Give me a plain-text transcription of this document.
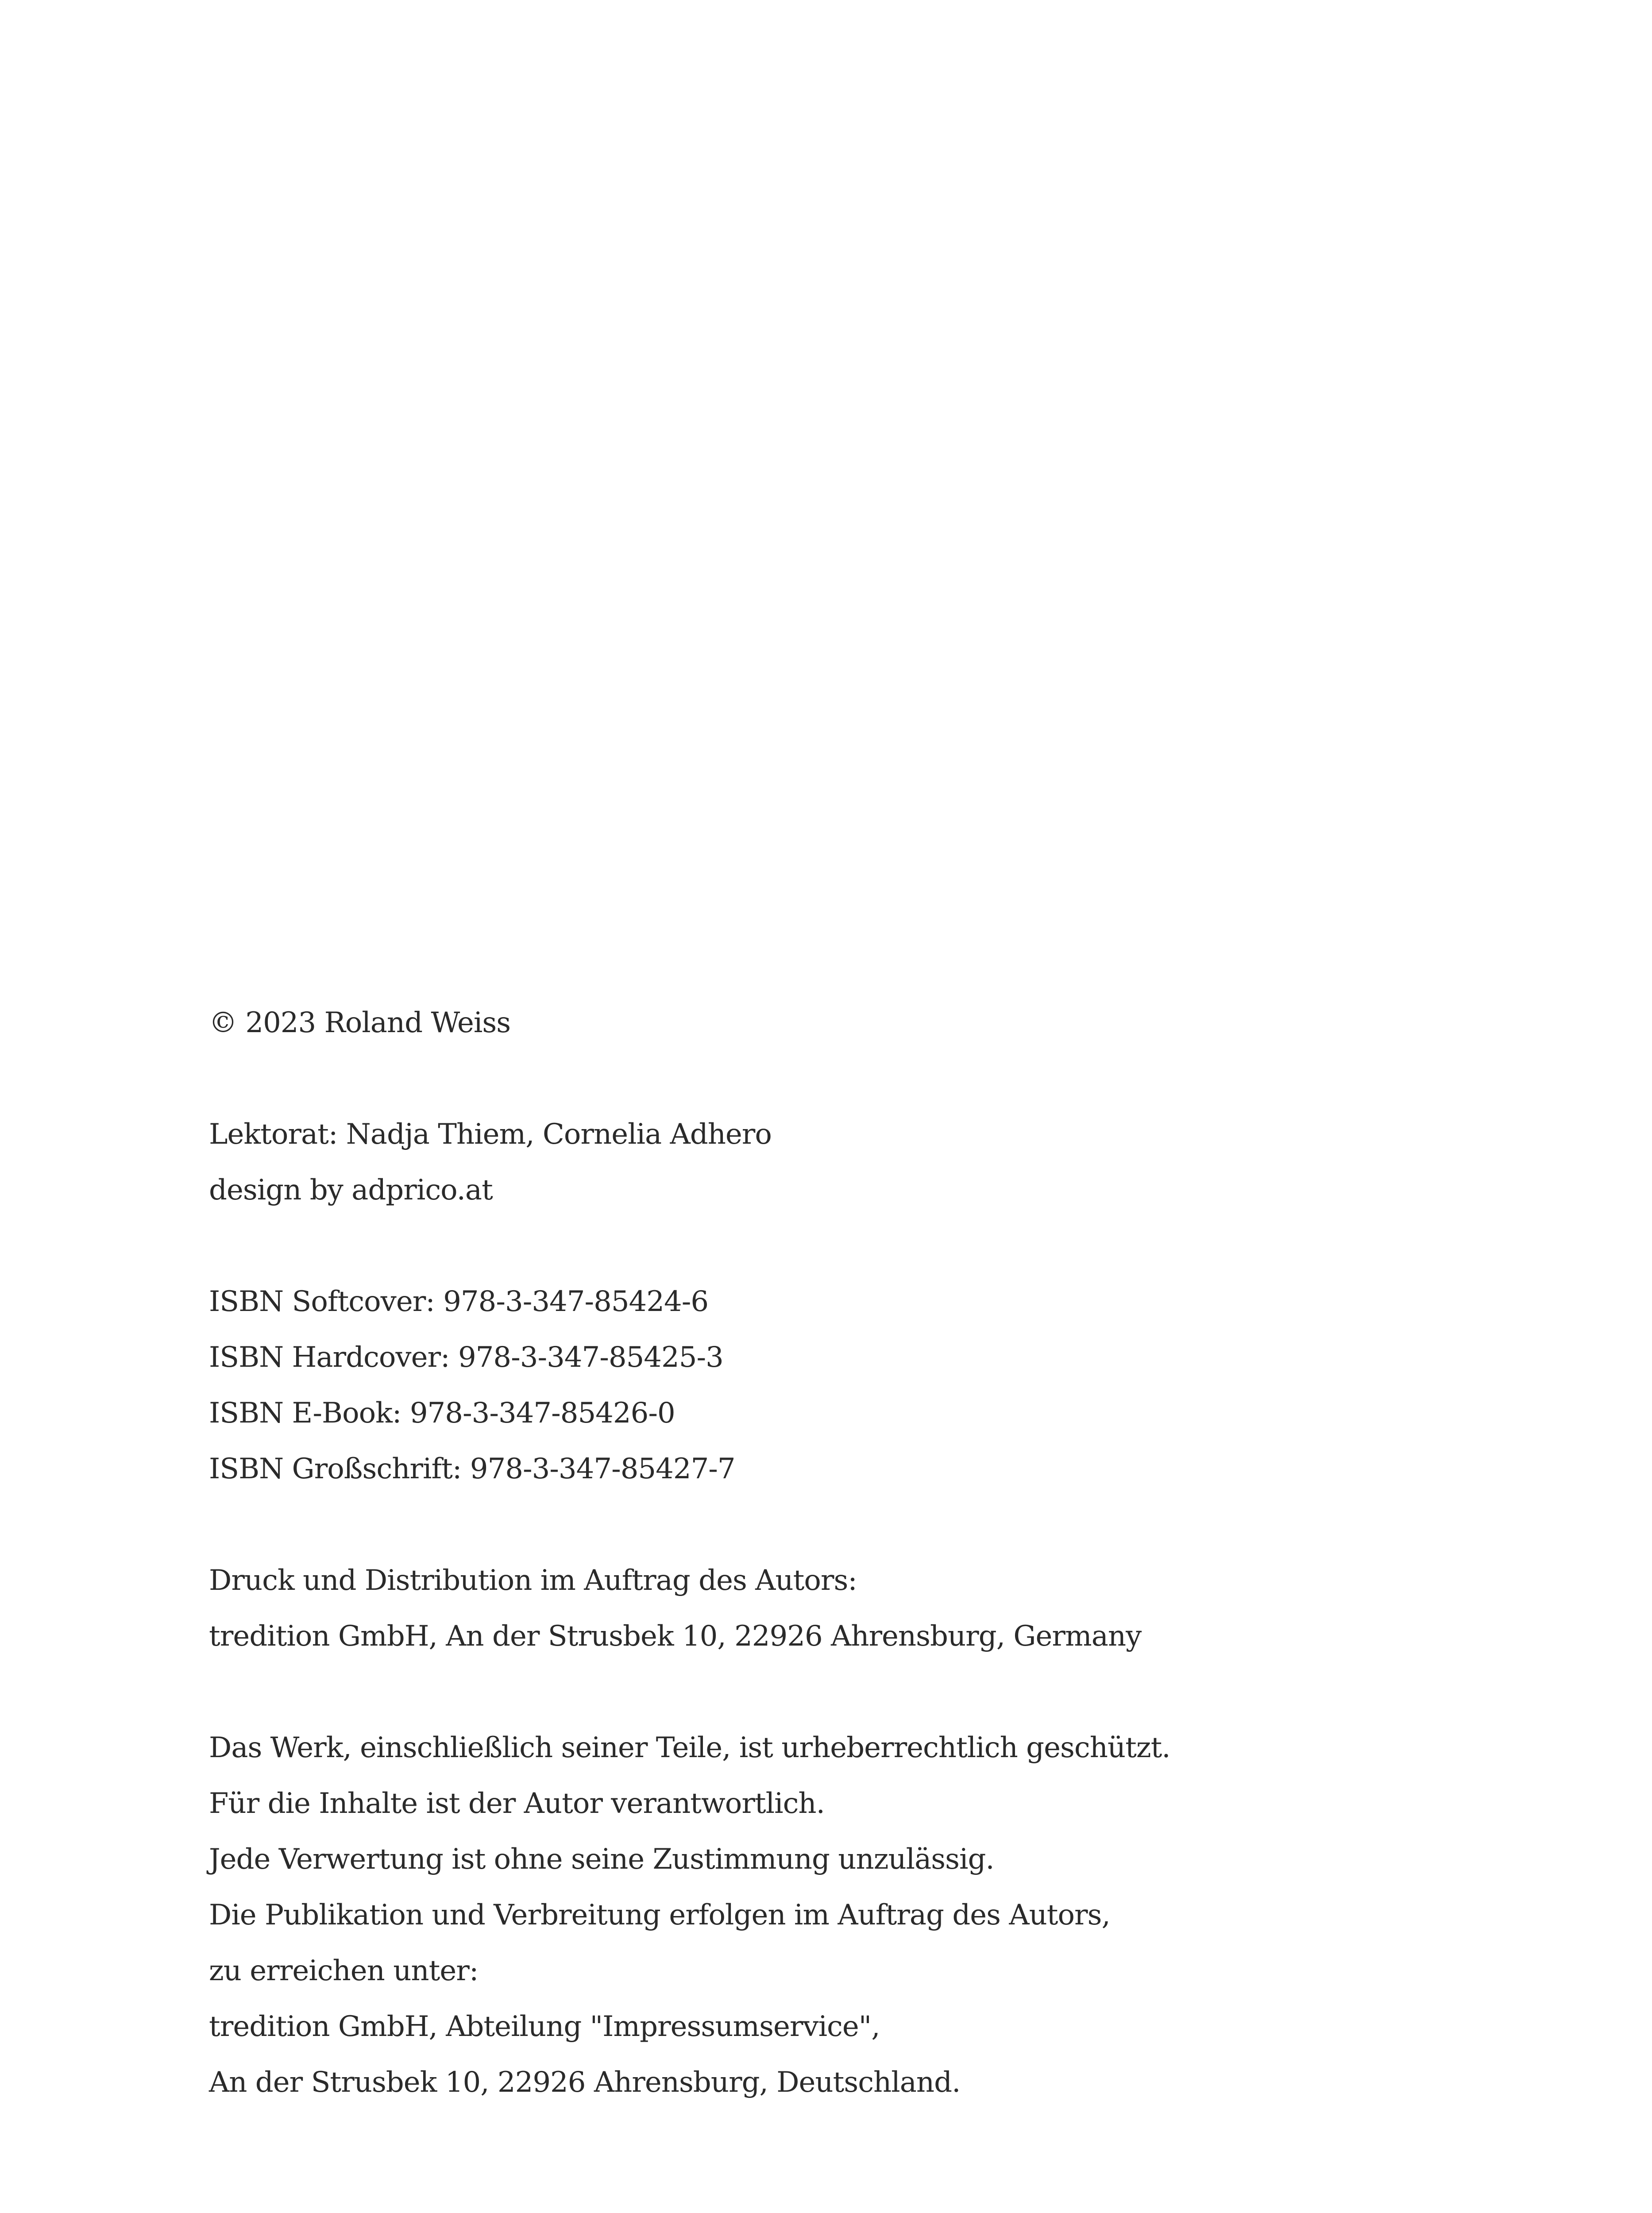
© 2023 Roland Weiss
Lektorat: Nadja Thiem, Cornelia Adhero
design by adprico.at
ISBN Softcover: 978-3-347-85424-6
ISBN Hardcover: 978-3-347-85425-3
ISBN E-Book: 978-3-347-85426-0
ISBN Großschrift: 978-3-347-85427-7
Druck und Distribution im Auftrag des Autors:
tredition GmbH, An der Strusbek 10, 22926 Ahrensburg, Germany
Das Werk, einschließlich seiner Teile, ist urheberrechtlich geschützt.
Für die Inhalte ist der Autor verantwortlich.
Jede Verwertung ist ohne seine Zustimmung unzulässig.
Die Publikation und Verbreitung erfolgen im Auftrag des Autors,
zu erreichen unter:
tredition GmbH, Abteilung "Impressumservice",
An der Strusbek 10, 22926 Ahrensburg, Deutschland.
